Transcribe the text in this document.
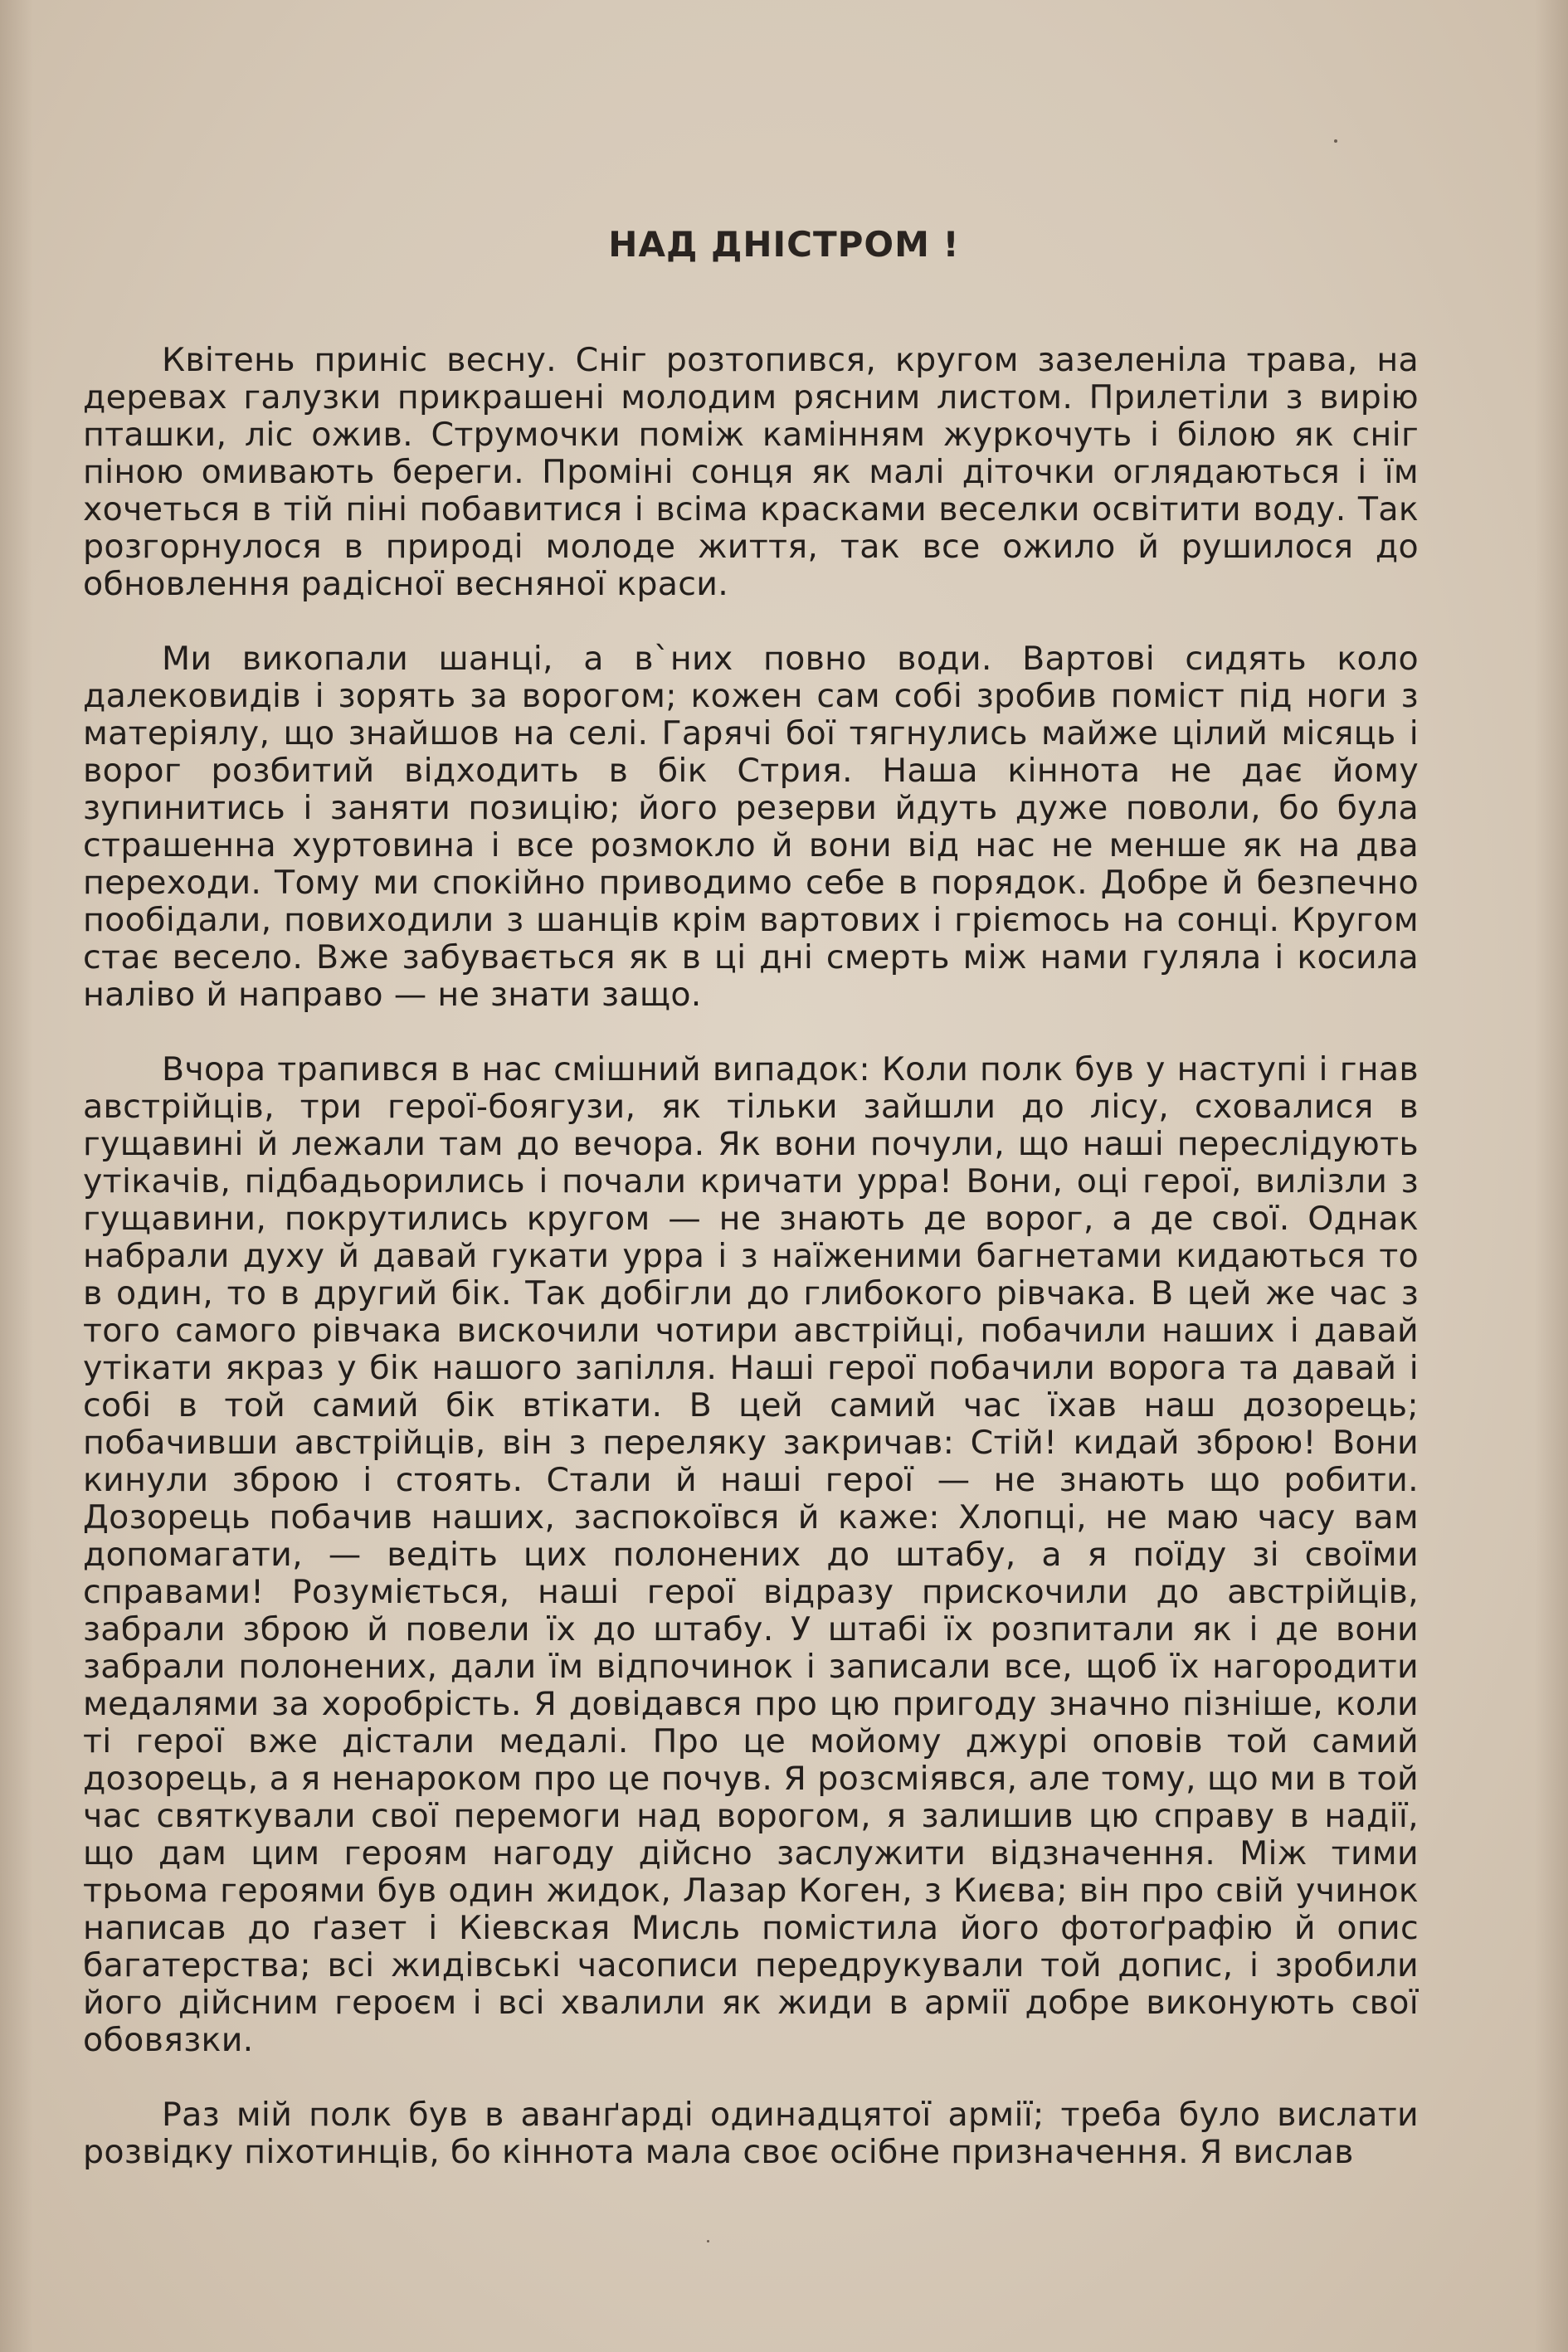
НАД ДНІСТРОМ !

Квітень приніс весну. Сніг розтопився, кругом зазеленіла трава, на деревах галузки прикрашені молодим рясним листом. Прилетіли з вирію пташки, ліс ожив. Струмочки поміж камінням журкочуть і білою як сніг піною омивають береги. Проміні сонця як малі діточки оглядаються і їм хочеться в тій піні побавитися і всіма красками веселки освітити воду. Так розгорнулося в природі молоде життя, так все ожило й рушилося до обновлення радісної весняної краси.

Ми викопали шанці, а в`них повно води. Вартові сидять коло далековидів і зорять за ворогом; кожен сам собі зробив поміст під ноги з матеріялу, що знайшов на селі. Гарячі бої тягнулись майже цілий місяць і ворог розбитий відходить в бік Стрия. Наша кіннота не дає йому зупинитись і заняти позицію; його резерви йдуть дуже поволи, бо була страшенна хуртовина і все розмокло й вони від нас не менше як на два переходи. Тому ми спокійно приводимо себе в порядок. Добре й безпечно пообідали, повиходили з шанців крім вартових і грієmось на сонці. Кругом стає весело. Вже забувається як в ці дні смерть між нами гуляла і косила наліво й направо — не знати защо.

Вчора трапився в нас смішний випадок: Коли полк був у наступі і гнав австрійців, три герої-боягузи, як тільки зайшли до лісу, сховалися в гущавині й лежали там до вечора. Як вони почули, що наші переслідують утікачів, підбадьорились і почали кричати урра! Вони, оці герої, вилізли з гущавини, покрутились кругом — не знають де ворог, а де свої. Однак набрали духу й давай гукати урра і з наїженими багнетами кидаються то в один, то в другий бік. Так добігли до глибокого рівчака. В цей же час з того самого рівчака вискочили чотири австрійці, побачили наших і давай утікати якраз у бік нашого запілля. Наші герої побачили ворога та давай і собі в той самий бік втікати. В цей самий час їхав наш дозорець; побачивши австрійців, він з переляку закричав: Стій! кидай зброю! Вони кинули зброю і стоять. Стали й наші герої — не знають що робити. Дозорець побачив наших, заспокоївся й каже: Хлопці, не маю часу вам допомагати, — ведіть цих полонених до штабу, а я поїду зі своїми справами! Розуміється, наші герої відразу прискочили до австрійців, забрали зброю й повели їх до штабу. У штабі їх розпитали як і де вони забрали полонених, дали їм відпочинок і записали все, щоб їх нагородити медалями за хоробрість. Я довідався про цю пригоду значно пізніше, коли ті герої вже дістали медалі. Про це мойому джурі оповів той самий дозорець, а я ненароком про це почув. Я розсміявся, але тому, що ми в той час святкували свої перемоги над ворогом, я залишив цю справу в надії, що дам цим героям нагоду дійсно заслужити відзначення. Між тими трьома героями був один жидок, Лазар Коген, з Києва; він про свій учинок написав до ґазет і Кіевская Мисль помістила його фотоґрафію й опис багатерства; всі жидівські часописи передрукували той допис, і зробили його дійсним героєм і всі хвалили як жиди в армії добре виконують свої обовязки.

Раз мій полк був в аванґарді одинадцятої армії; треба було вислати розвідку піхотинців, бо кіннота мала своє осібне призначення. Я вислав
